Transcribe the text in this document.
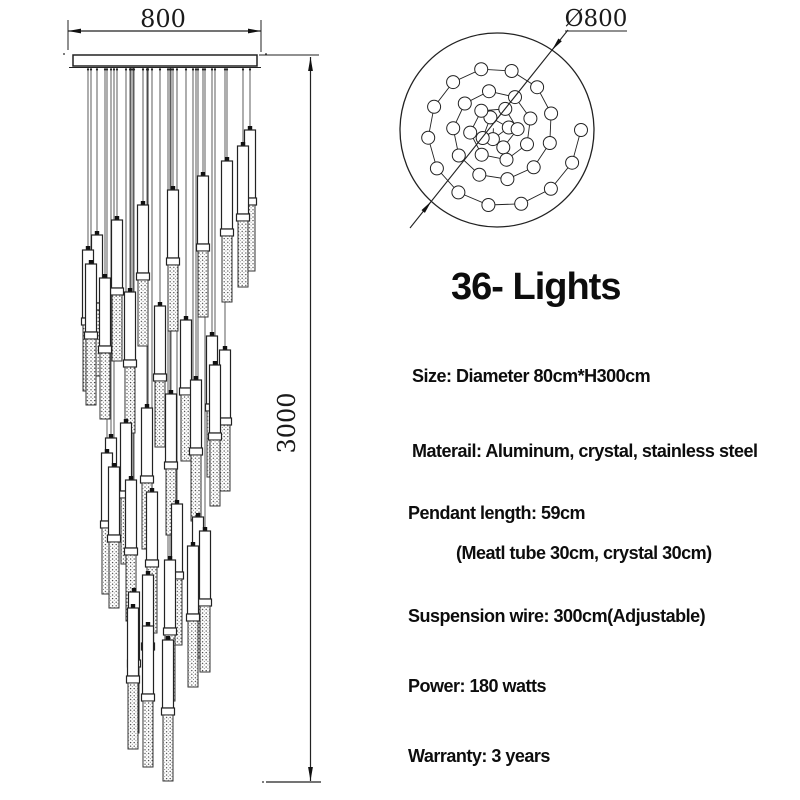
800
3000
Ø800
36- Lights
Size: Diameter 80cm*H300cm
Materail: Aluminum, crystal, stainless steel
Pendant length: 59cm
(Meatl tube 30cm, crystal 30cm)
Suspension wire: 300cm(Adjustable)
Power: 180 watts
Warranty: 3 years
